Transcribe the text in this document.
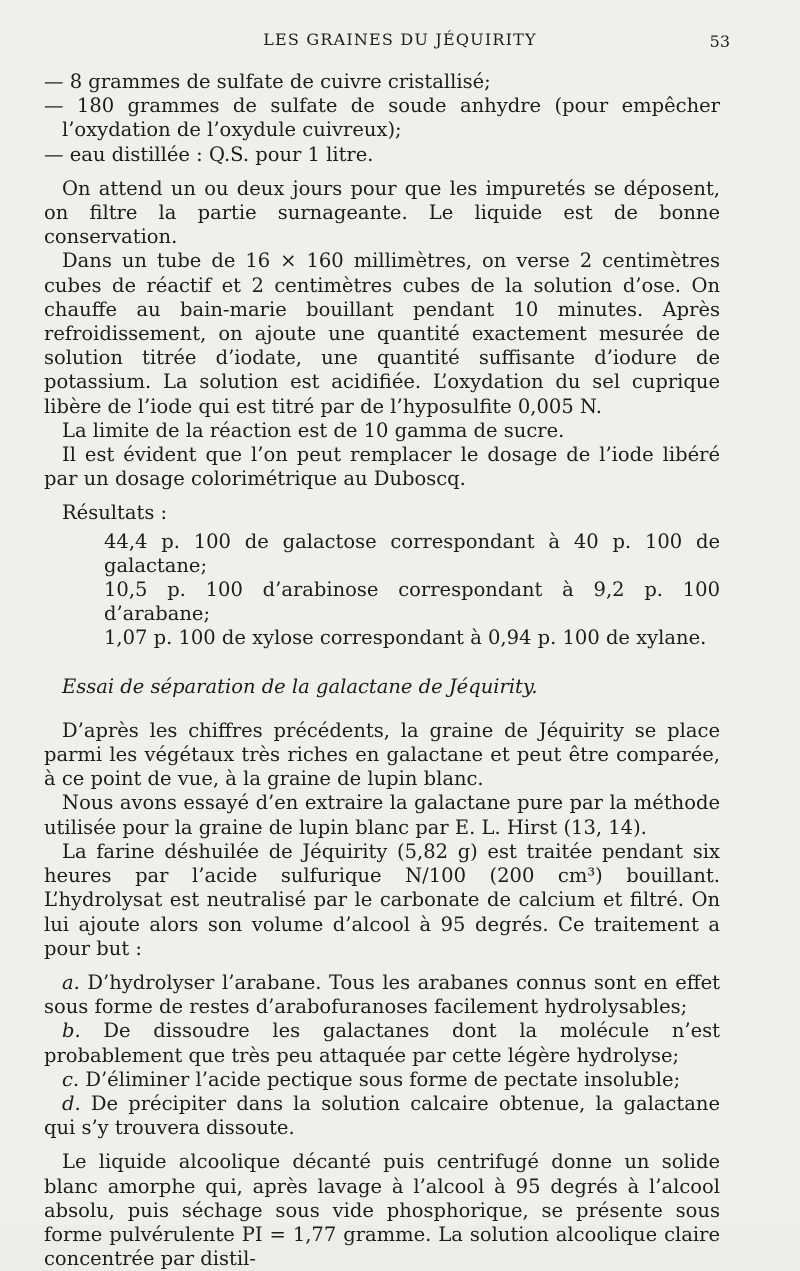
LES GRAINES DU JÉQUIRITY	53

— 8 grammes de sulfate de cuivre cristallisé;

— 180 grammes de sulfate de soude anhydre (pour empêcher l’oxydation de l’oxydule cuivreux);

— eau distillée : Q.S. pour 1 litre.

On attend un ou deux jours pour que les impuretés se déposent, on filtre la partie surnageante. Le liquide est de bonne conservation.

Dans un tube de 16 × 160 millimètres, on verse 2 centimètres cubes de réactif et 2 centimètres cubes de la solution d’ose. On chauffe au bain-marie bouillant pendant 10 minutes. Après refroidissement, on ajoute une quantité exactement mesurée de solution titrée d’iodate, une quantité suffisante d’iodure de potassium. La solution est acidifiée. L’oxydation du sel cuprique libère de l’iode qui est titré par de l’hyposulfite 0,005 N.

La limite de la réaction est de 10 gamma de sucre.

Il est évident que l’on peut remplacer le dosage de l’iode libéré par un dosage colorimétrique au Duboscq.

Résultats :

44,4 p. 100 de galactose correspondant à 40 p. 100 de galactane;
10,5 p. 100 d’arabinose correspondant à 9,2 p. 100 d’arabane;
1,07 p. 100 de xylose correspondant à 0,94 p. 100 de xylane.
Essai de séparation de la galactane de Jéquirity.

D’après les chiffres précédents, la graine de Jéquirity se place parmi les végétaux très riches en galactane et peut être comparée, à ce point de vue, à la graine de lupin blanc.

Nous avons essayé d’en extraire la galactane pure par la méthode utilisée pour la graine de lupin blanc par E. L. Hirst (13, 14).

La farine déshuilée de Jéquirity (5,82 g) est traitée pendant six heures par l’acide sulfurique N/100 (200 cm³) bouillant. L’hydrolysat est neutralisé par le carbonate de calcium et filtré. On lui ajoute alors son volume d’alcool à 95 degrés. Ce traitement a pour but :

a. D’hydrolyser l’arabane. Tous les arabanes connus sont en effet sous forme de restes d’arabofuranoses facilement hydrolysables;

b. De dissoudre les galactanes dont la molécule n’est probablement que très peu attaquée par cette légère hydrolyse;

c. D’éliminer l’acide pectique sous forme de pectate insoluble;

d. De précipiter dans la solution calcaire obtenue, la galactane qui s’y trouvera dissoute.

Le liquide alcoolique décanté puis centrifugé donne un solide blanc amorphe qui, après lavage à l’alcool à 95 degrés à l’alcool absolu, puis séchage sous vide phosphorique, se présente sous forme pulvérulente PI = 1,77 gramme. La solution alcoolique claire concentrée par distil-
